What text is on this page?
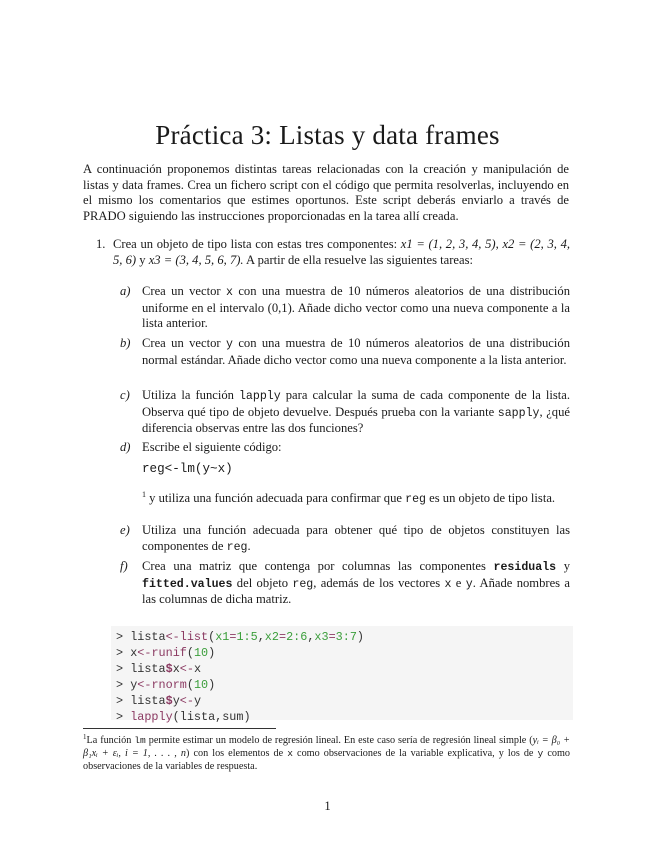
Práctica 3: Listas y data frames

A continuación proponemos distintas tareas relacionadas con la creación y manipulación de listas y data frames. Crea un fichero script con el código que permita resolverlas, incluyendo en el mismo los comentarios que estimes oportunos. Este script deberás enviarlo a través de PRADO siguiendo las instrucciones proporcionadas en la tarea allí creada.

1. Crea un objeto de tipo lista con estas tres componentes: x1 = (1, 2, 3, 4, 5), x2 = (2, 3, 4, 5, 6) y x3 = (3, 4, 5, 6, 7). A partir de ella resuelve las siguientes tareas:
a) Crea un vector x con una muestra de 10 números aleatorios de una distribución uniforme en el intervalo (0,1). Añade dicho vector como una nueva componente a la lista anterior.
b) Crea un vector y con una muestra de 10 números aleatorios de una distribución normal estándar. Añade dicho vector como una nueva componente a la lista anterior.
c) Utiliza la función lapply para calcular la suma de cada componente de la lista. Observa qué tipo de objeto devuelve. Después prueba con la variante sapply, ¿qué diferencia observas entre las dos funciones?
d) Escribe el siguiente código:
reg<-lm(y~x)
$^1$ y utiliza una función adecuada para confirmar que reg es un objeto de tipo lista.
e) Utiliza una función adecuada para obtener qué tipo de objetos constituyen las componentes de reg.
f) Crea una matriz que contenga por columnas las componentes residuals y fitted.values del objeto reg, además de los vectores x e y. Añade nombres a las columnas de dicha matriz.
> lista<-list(x1=1:5,x2=2:6,x3=3:7)
> x<-runif(10)
> lista$x<-x
> y<-rnorm(10)
> lista$y<-y
> lapply(lista,sum)
$^1$La función lm permite estimar un modelo de regresión lineal. En este caso sería de regresión lineal simple (yᵢ = β₀ + β₁xᵢ + εᵢ, i = 1, . . . , n) con los elementos de x como observaciones de la variable explicativa, y los de y como observaciones de la variables de respuesta.
1
